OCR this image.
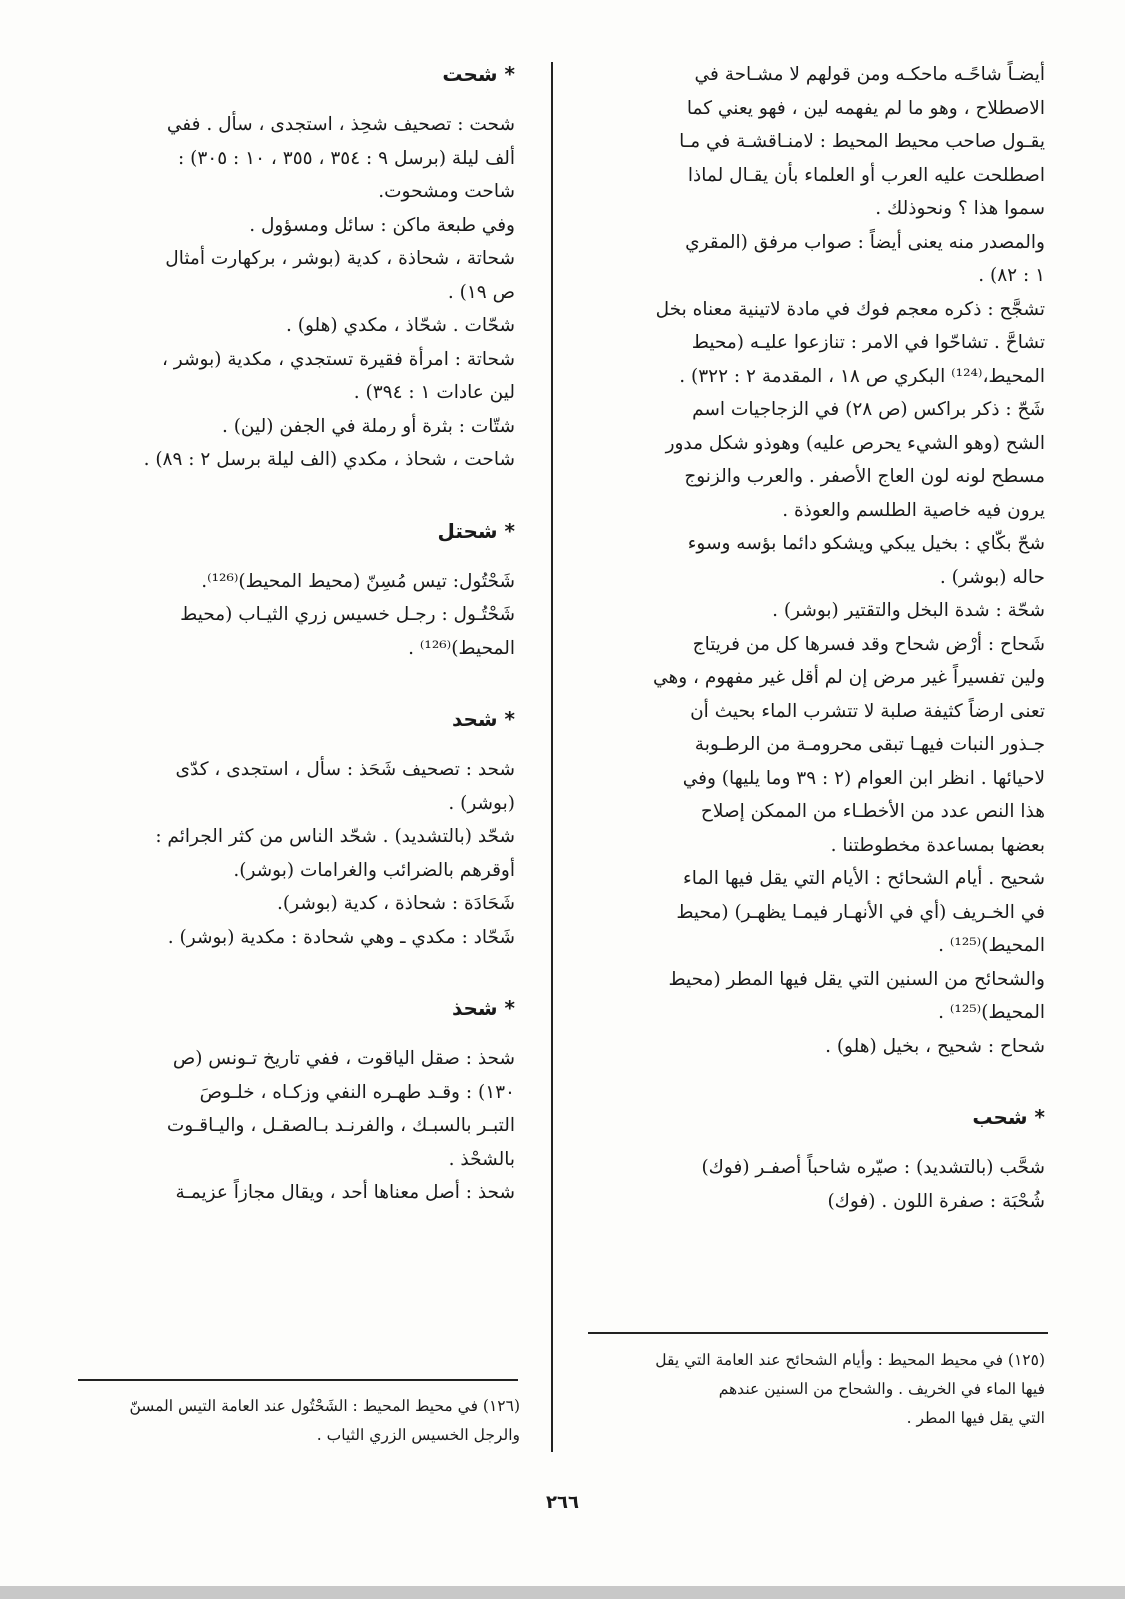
أيضـاً شاحًـه ماحكـه ومن قولهم لا مشـاحة في

الاصطلاح ، وهو ما لم يفهمه لين ، فهو يعني كما

يقـول صاحب محيط المحيط : لامنـاقشـة في مـا

اصطلحت عليه العرب أو العلماء بأن يقـال لماذا

سموا هذا ؟ ونحوذلك .

والمصدر منه يعنى أيضاً : صواب مرفق (المقري

١ : ٨٢) .

تشجَّح : ذكره معجم فوك في مادة لاتينية معناه بخل

تشاحَّ . تشاحّوا في الامر : تنازعوا عليـه (محيط

المحيط،⁽¹²⁴⁾ البكري ص ١٨ ، المقدمة ٢ : ٣٢٢) .

شَحّ : ذكر براكس (ص ٢٨) في الزجاجيات اسم

الشح (وهو الشيء يحرص عليه) وهوذو شكل مدور

مسطح لونه لون العاج الأصفر . والعرب والزنوج

يرون فيه خاصية الطلسم والعوذة .

شحّ بكّاي : بخيل يبكي ويشكو دائما بؤسه وسوء

حاله (بوشر) .

شحّة : شدة البخل والتقتير (بوشر) .

شَحاح : أرْض شحاح وقد فسرها كل من فريتاج

ولين تفسيراً غير مرض إن لم أقل غير مفهوم ، وهي

تعنى ارضاً كثيفة صلبة لا تتشرب الماء بحيث أن

جـذور النبات فيهـا تبقى محرومـة من الرطـوبة

لاحيائها . انظر ابن العوام (٢ : ٣٩ وما يليها) وفي

هذا النص عدد من الأخطـاء من الممكن إصلاح

بعضها بمساعدة مخطوطتنا .

شحيح . أيام الشحائح : الأيام التي يقل فيها الماء

في الخـريف (أي في الأنهـار فيمـا يظهـر) (محيط

المحيط)⁽¹²⁵⁾ .

والشحائح من السنين التي يقل فيها المطر (محيط

المحيط)⁽¹²⁵⁾ .

شحاح : شحيح ، بخيل (هلو) .

* شحب

شحَّب (بالتشديد) : صيّره شاحباً أصفـر (فوك)

شُحْبَة : صفرة اللون . (فوك)

* شحت

شحت : تصحيف شحِذ ، استجدى ، سأل . ففي

ألف ليلة (برسل ٩ : ٣٥٤ ، ٣٥٥ ، ١٠ : ٣٠٥) :

شاحت ومشحوت.

وفي طبعة ماكن : سائل ومسؤول .

شحاتة ، شحاذة ، كدية (بوشر ، بركهارت أمثال

ص ١٩) .

شحّات . شحّاذ ، مكدي (هلو) .

شحاتة : امرأة فقيرة تستجدي ، مكدية (بوشر ،

لين عادات ١ : ٣٩٤) .

شتّات : بثرة أو رملة في الجفن (لين) .

شاحت ، شحاذ ، مكدي (الف ليلة برسل ٢ : ٨٩) .

* شحتل

شَحْتُول: تيس مُسِنّ (محيط المحيط)⁽¹²⁶⁾.

شَحْتُـول : رجـل خسيس زري الثيـاب (محيط

المحيط)⁽¹²⁶⁾ .

* شحد

شحد : تصحيف شَحَذ : سأل ، استجدى ، كدّى

(بوشر) .

شحّد (بالتشديد) . شحّد الناس من كثر الجرائم :

أوقرهم بالضرائب والغرامات (بوشر).

شَحَادَة : شحاذة ، كدية (بوشر).

شَحّاد : مكدي ـ وهي شحادة : مكدية (بوشر) .

* شحذ

شحذ : صقل الياقوت ، ففي تاريخ تـونس (ص

١٣٠) : وقـد طهـره النفي وزكـاه ، خلـوصَ

التبـر بالسبـك ، والفرنـد بـالصقـل ، واليـاقـوت

بالشحْذ .

شحذ : أصل معناها أحد ، ويقال مجازاً عزيمـة

(١٢٥) في محيط المحيط : وأيام الشحائح عند العامة التي يقل
فيها الماء في الخريف . والشحاح من السنين عندهم
التي يقل فيها المطر .
(١٢٦) في محيط المحيط : الشَحْتُول عند العامة التيس المسنّ
والرجل الخسيس الزري الثياب .
٢٦٦
